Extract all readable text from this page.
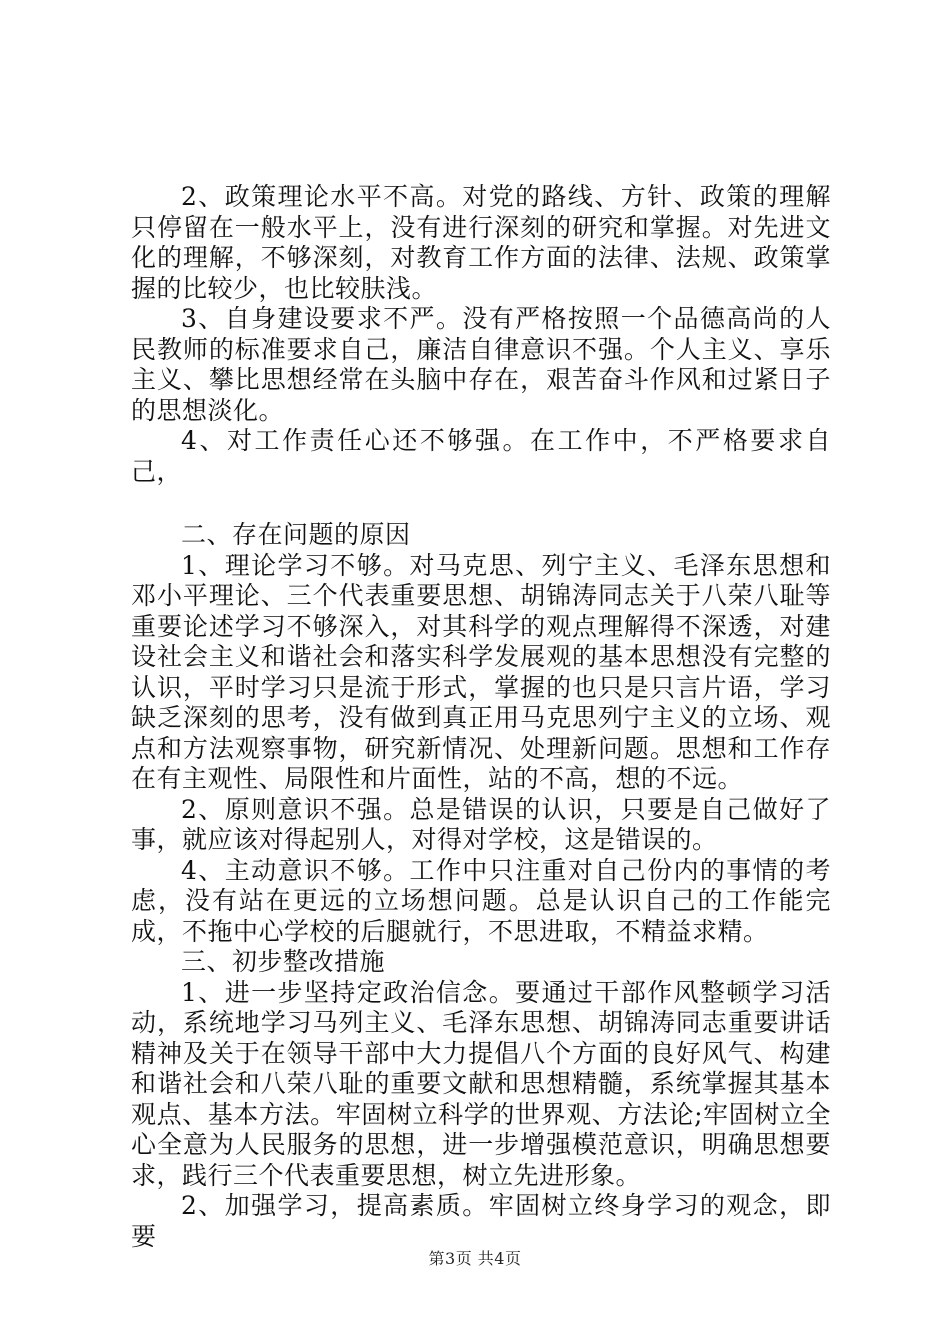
2、政策理论水平不高。对党的路线、方针、政策的理解只停留在一般水平上，没有进行深刻的研究和掌握。对先进文化的理解，不够深刻，对教育工作方面的法律、法规、政策掌握的比较少，也比较肤浅。

3、自身建设要求不严。没有严格按照一个品德高尚的人民教师的标准要求自己，廉洁自律意识不强。个人主义、享乐主义、攀比思想经常在头脑中存在，艰苦奋斗作风和过紧日子的思想淡化。

4、对工作责任心还不够强。在工作中，不严格要求自己，

二、存在问题的原因

1、理论学习不够。对马克思、列宁主义、毛泽东思想和邓小平理论、三个代表重要思想、胡锦涛同志关于八荣八耻等重要论述学习不够深入，对其科学的观点理解得不深透，对建设社会主义和谐社会和落实科学发展观的基本思想没有完整的认识，平时学习只是流于形式，掌握的也只是只言片语，学习缺乏深刻的思考，没有做到真正用马克思列宁主义的立场、观点和方法观察事物，研究新情况、处理新问题。思想和工作存在有主观性、局限性和片面性，站的不高，想的不远。

2、原则意识不强。总是错误的认识，只要是自己做好了事，就应该对得起别人，对得对学校，这是错误的。

4、主动意识不够。工作中只注重对自己份内的事情的考虑，没有站在更远的立场想问题。总是认识自己的工作能完成，不拖中心学校的后腿就行，不思进取，不精益求精。

三、初步整改措施

1、进一步坚持定政治信念。要通过干部作风整顿学习活动，系统地学习马列主义、毛泽东思想、胡锦涛同志重要讲话精神及关于在领导干部中大力提倡八个方面的良好风气、构建和谐社会和八荣八耻的重要文献和思想精髓，系统掌握其基本观点、基本方法。牢固树立科学的世界观、方法论;牢固树立全心全意为人民服务的思想，进一步增强模范意识，明确思想要求，践行三个代表重要思想，树立先进形象。

2、加强学习，提高素质。牢固树立终身学习的观念，即要

第3页 共4页
